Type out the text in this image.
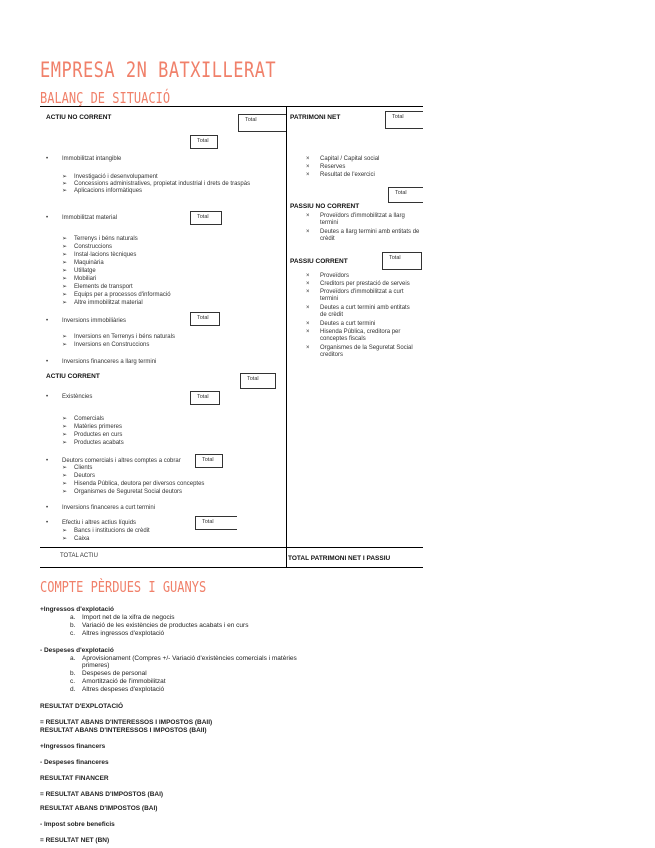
EMPRESA 2N BATXILLERAT
BALANÇ DE SITUACIÓ
ACTIU NO CORRENT	Total
Total
• Immobilitzat intangible
➢ Investigació i desenvolupament
➢ Concessions administratives, propietat industrial i drets de traspàs
➢ Aplicacions informàtiques
• Immobilitzat material	Total
➢ Terrenys i béns naturals
➢ Construccions
➢ Instal·lacions tècniques
➢ Maquinària
➢ Utillatge
➢ Mobiliari
➢ Elements de transport
➢ Equips per a processos d'informació
➢ Altre immobilitzat material
• Inversions immobiliàries	Total
➢ Inversions en Terrenys i béns naturals
➢ Inversions en Construccions
• Inversions financeres a llarg termini
ACTIU CORRENT	Total
• Existències	Total
➢ Comercials
➢ Matèries primeres
➢ Productes en curs
➢ Productes acabats
• Deutors comercials i altres comptes a cobrar	Total
➢ Clients
➢ Deutors
➢ Hisenda Pública, deutora per diversos conceptes
➢ Organismes de Seguretat Social deutors
• Inversions financeres a curt termini
• Efectiu i altres actius líquids	Total
➢ Bancs i institucions de crèdit
➢ Caixa
TOTAL ACTIU
PATRIMONI NET	Total
× Capital / Capital social
× Reserves
× Resultat de l'exercici
Total
PASSIU NO CORRENT
× Proveïdors d'immobilitzat a llarg termini
× Deutes a llarg termini amb entitats de crèdit
PASSIU CORRENT	Total
× Proveïdors
× Creditors per prestació de serveis
× Proveïdors d'immobilitzat a curt termini
× Deutes a curt termini amb entitats de crèdit
× Deutes a curt termini
× Hisenda Pública, creditora per conceptes fiscals
× Organismes de la Seguretat Social creditors
TOTAL PATRIMONI NET I PASSIU
COMPTE PÈRDUES I GUANYS
+Ingressos d'explotació
a. Import net de la xifra de negocis
b. Variació de les existències de productes acabats i en curs
c. Altres ingressos d'explotació
- Despeses d'explotació
a. Aprovisionament (Compres +/- Variació d'existències comercials i matèries
primeres)
b. Despeses de personal
c. Amortització de l'immobilitzat
d. Altres despeses d'explotació
RESULTAT D'EXPLOTACIÓ
= RESULTAT ABANS D'INTERESSOS I IMPOSTOS (BAII)
RESULTAT ABANS D'INTERESSOS I IMPOSTOS (BAII)
+Ingressos financers
- Despeses financeres
RESULTAT FINANCER
= RESULTAT ABANS D'IMPOSTOS (BAI)
RESULTAT ABANS D'IMPOSTOS (BAI)
- Impost sobre beneficis
= RESULTAT NET (BN)
